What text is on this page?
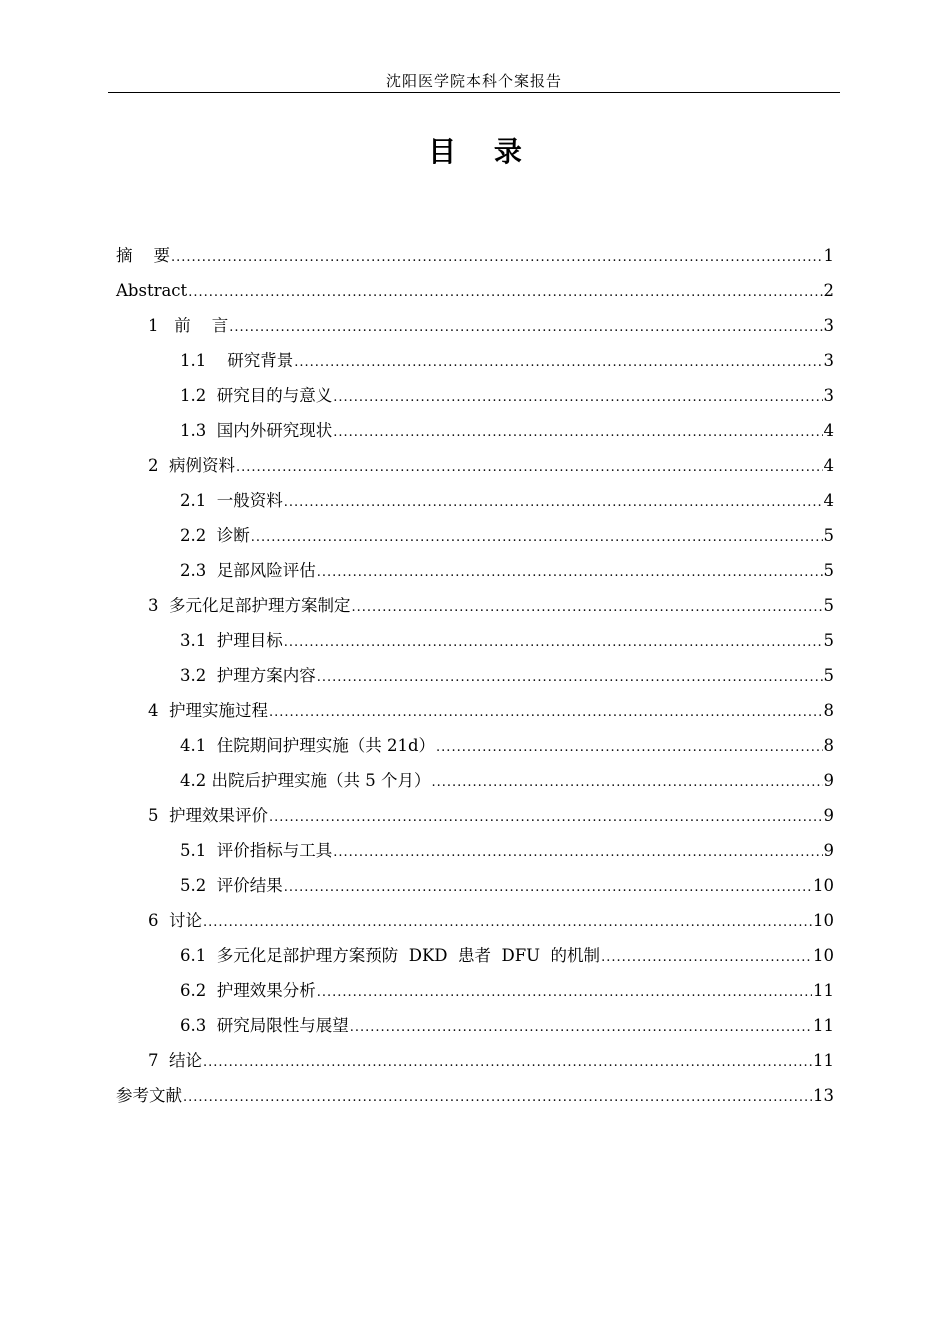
沈阳医学院本科个案报告
目 录
摘    要 .....	1
Abstract .....	2
1   前    言 .....	3
1.1    研究背景 .....	3
1.2  研究目的与意义 .....	3
1.3  国内外研究现状 .....	4
2  病例资料 .....	4
2.1  一般资料 .....	4
2.2  诊断 .....	5
2.3  足部风险评估 .....	5
3  多元化足部护理方案制定 .....	5
3.1  护理目标 .....	5
3.2  护理方案内容 .....	5
4  护理实施过程 .....	8
4.1  住院期间护理实施（共 21d） .....	8
4.2 出院后护理实施（共 5 个月） .....	9
5  护理效果评价 .....	9
5.1  评价指标与工具 .....	9
5.2  评价结果 .....	10
6  讨论 .....	10
6.1  多元化足部护理方案预防  DKD  患者  DFU  的机制 .....	10
6.2  护理效果分析 .....	11
6.3  研究局限性与展望 .....	11
7  结论 .....	11
参考文献 .....	13
